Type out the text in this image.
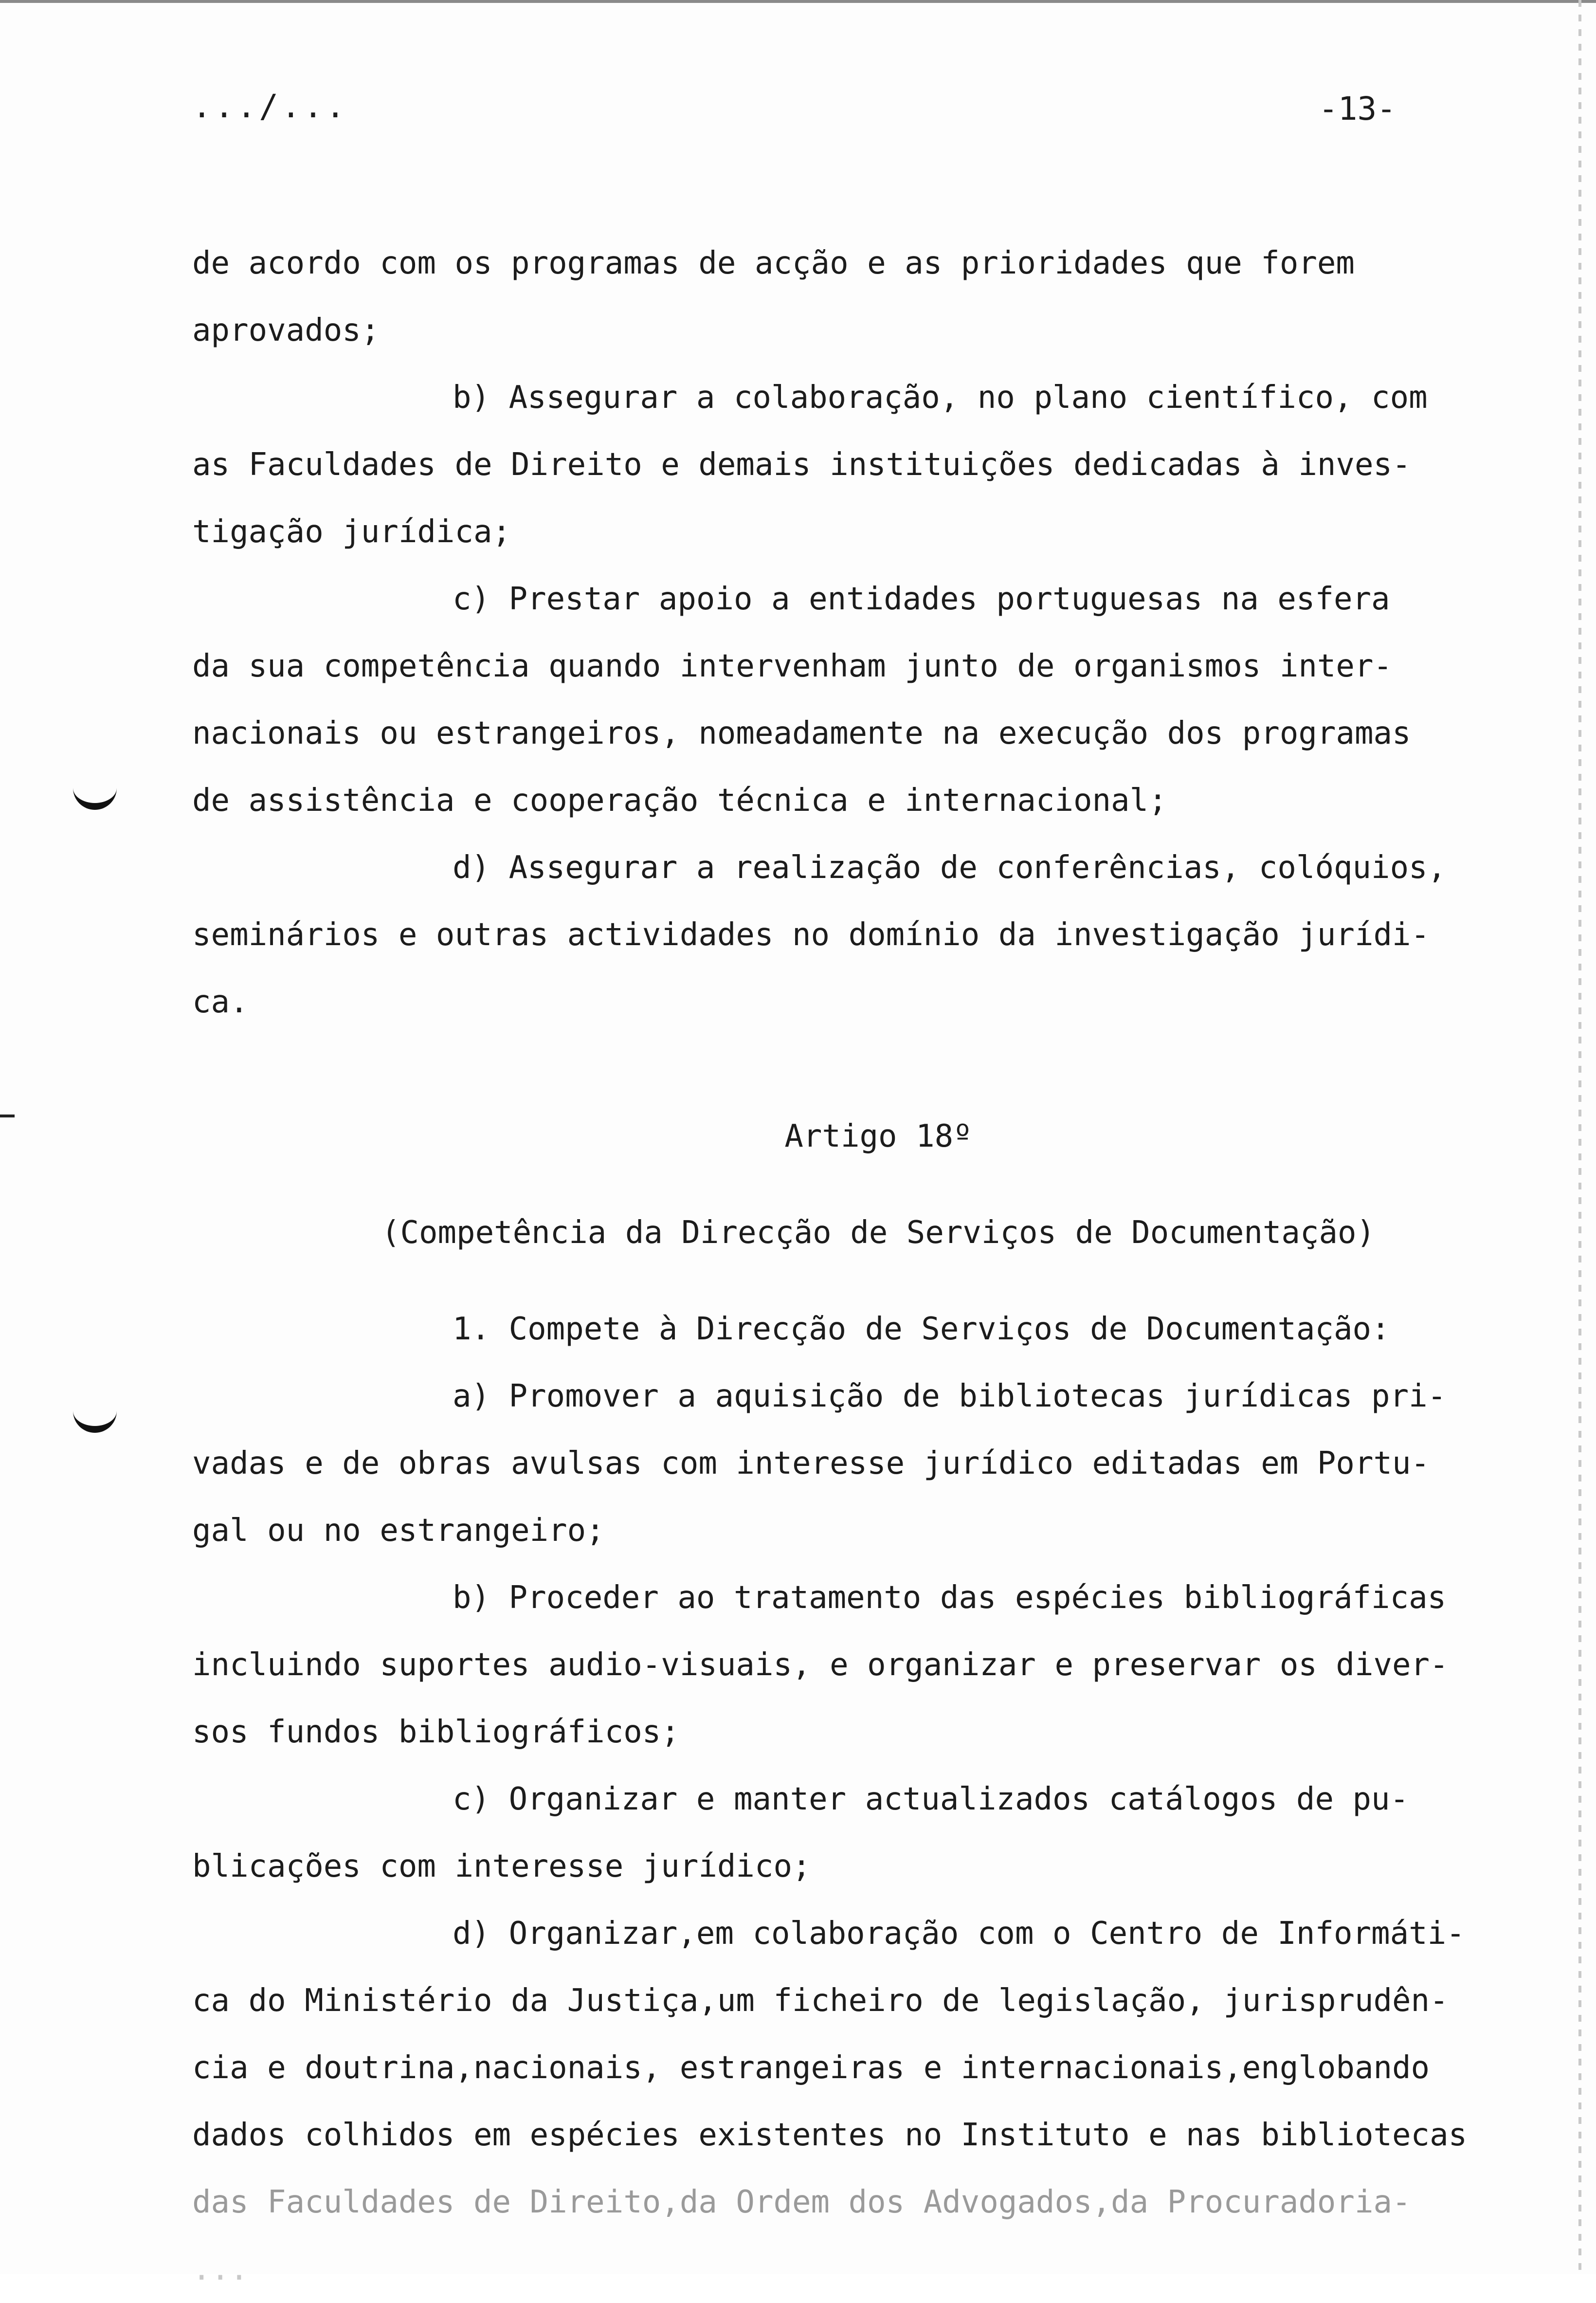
.../...	-13-
de acordo com os programas de acção e as prioridades que forem
aprovados;
b) Assegurar a colaboração, no plano científico, com
as Faculdades de Direito e demais instituições dedicadas à inves-
tigação jurídica;
c) Prestar apoio a entidades portuguesas na esfera
da sua competência quando intervenham junto de organismos inter-
nacionais ou estrangeiros, nomeadamente na execução dos programas
de assistência e cooperação técnica e internacional;
d) Assegurar a realização de conferências, colóquios,
seminários e outras actividades no domínio da investigação jurídi-
ca.
Artigo 18º
(Competência da Direcção de Serviços de Documentação)
1. Compete à Direcção de Serviços de Documentação:
a) Promover a aquisição de bibliotecas jurídicas pri-
vadas e de obras avulsas com interesse jurídico editadas em Portu-
gal ou no estrangeiro;
b) Proceder ao tratamento das espécies bibliográficas
incluindo suportes audio-visuais, e organizar e preservar os diver-
sos fundos bibliográficos;
c) Organizar e manter actualizados catálogos de pu-
blicações com interesse jurídico;
d) Organizar,em colaboração com o Centro de Informáti-
ca do Ministério da Justiça,um ficheiro de legislação, jurisprudên-
cia e doutrina,nacionais, estrangeiras e internacionais,englobando
dados colhidos em espécies existentes no Instituto e nas bibliotecas
das Faculdades de Direito,da Ordem dos Advogados,da Procuradoria-
...
